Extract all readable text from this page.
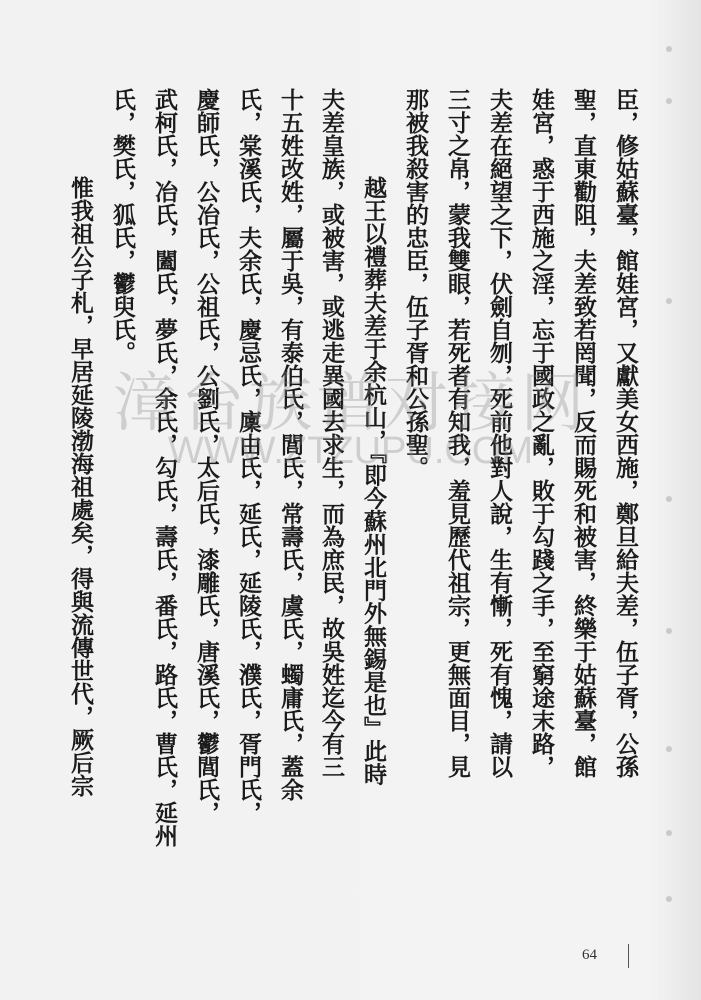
臣，修姑蘇臺，館娃宮，又獻美女西施，鄭旦給夫差，伍子胥，公孫
聖，直東勸阻，夫差致若罔聞，反而賜死和被害，終樂于姑蘇臺，館
娃宮，惑于西施之淫，忘于國政之亂，敗于勾踐之手，至窮途末路，
夫差在絕望之下，伏劍自刎，死前他對人說，生有慚，死有愧，請以
三寸之帛，蒙我雙眼，若死者有知我，羞見歷代祖宗，更無面目，見
那被我殺害的忠臣，伍子胥和公孫聖。
越王以禮葬夫差于余杭山，『即今蘇州北門外無錫是也』此時
夫差皇族，或被害，或逃走異國去求生，而為庶民，故吳姓迄今有三
十五姓改姓，屬于吳，有泰伯氏，閭氏，常壽氏，虞氏，蠋庸氏，蓋余
氏，棠溪氏，夫余氏，慶忌氏，廩由氏，延氏，延陵氏，濮氏，胥門氏，
慶師氏，公冶氏，公祖氏，公劉氏，太后氏，漆雕氏，唐溪氏，鬱閭氏，
武柯氏，冶氏，闔氏，夢氏，余氏，勾氏，壽氏，番氏，路氏，曹氏，延州
氏，樊氏，狐氏，鬱臾氏。
惟我祖公子札，早居延陵渤海祖處矣，得與流傳世代，厥后宗 漳台族谱对接网
WWW.ZTZUPU.COM
64
